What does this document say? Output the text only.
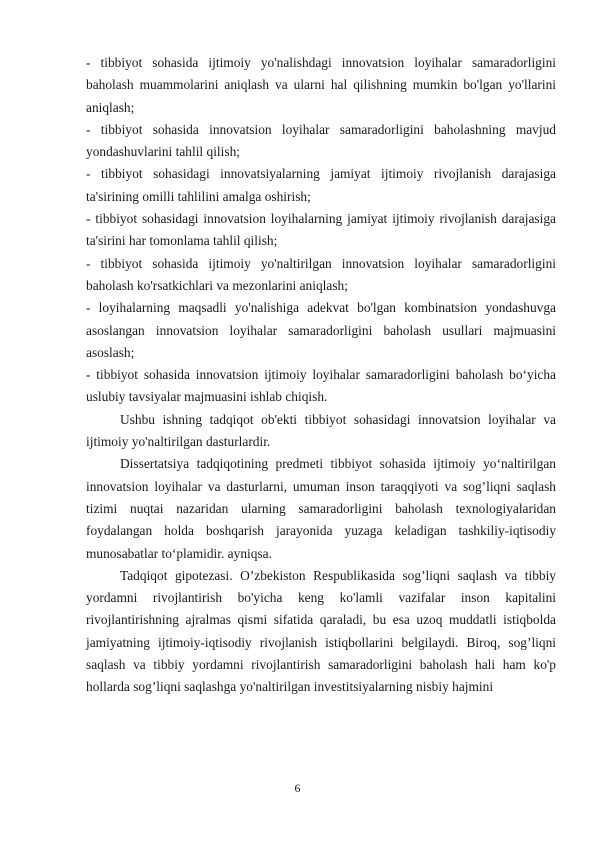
- tibbiyot sohasida ijtimoiy yo'nalishdagi innovatsion loyihalar samaradorligini baholash muammolarini aniqlash va ularni hal qilishning mumkin bo'lgan yo'llarini aniqlash;

- tibbiyot sohasida innovatsion loyihalar samaradorligini baholashning mavjud yondashuvlarini tahlil qilish;

- tibbiyot sohasidagi innovatsiyalarning jamiyat ijtimoiy rivojlanish darajasiga ta'sirining omilli tahlilini amalga oshirish;

- tibbiyot sohasidagi innovatsion loyihalarning jamiyat ijtimoiy rivojlanish darajasiga ta'sirini har tomonlama tahlil qilish;

- tibbiyot sohasida ijtimoiy yo'naltirilgan innovatsion loyihalar samaradorligini baholash ko'rsatkichlari va mezonlarini aniqlash;

- loyihalarning maqsadli yo'nalishiga adekvat bo'lgan kombinatsion yondashuvga asoslangan innovatsion loyihalar samaradorligini baholash usullari majmuasini asoslash;

- tibbiyot sohasida innovatsion ijtimoiy loyihalar samaradorligini baholash bo‘yicha uslubiy tavsiyalar majmuasini ishlab chiqish.

Ushbu ishning tadqiqot ob'ekti tibbiyot sohasidagi innovatsion loyihalar va ijtimoiy yo'naltirilgan dasturlardir.

Dissertatsiya tadqiqotining predmeti tibbiyot sohasida ijtimoiy yo‘naltirilgan innovatsion loyihalar va dasturlarni, umuman inson taraqqiyoti va sog’liqni saqlash tizimi nuqtai nazaridan ularning samaradorligini baholash texnologiyalaridan foydalangan holda boshqarish jarayonida yuzaga keladigan tashkiliy-iqtisodiy munosabatlar to‘plamidir. ayniqsa.

Tadqiqot gipotezasi. O’zbekiston Respublikasida sog’liqni saqlash va tibbiy yordamni rivojlantirish bo'yicha keng ko'lamli vazifalar inson kapitalini rivojlantirishning ajralmas qismi sifatida qaraladi, bu esa uzoq muddatli istiqbolda jamiyatning ijtimoiy-iqtisodiy rivojlanish istiqbollarini belgilaydi. Biroq, sog’liqni saqlash va tibbiy yordamni rivojlantirish samaradorligini baholash hali ham ko'p hollarda sog’liqni saqlashga yo'naltirilgan investitsiyalarning nisbiy hajmini

6
